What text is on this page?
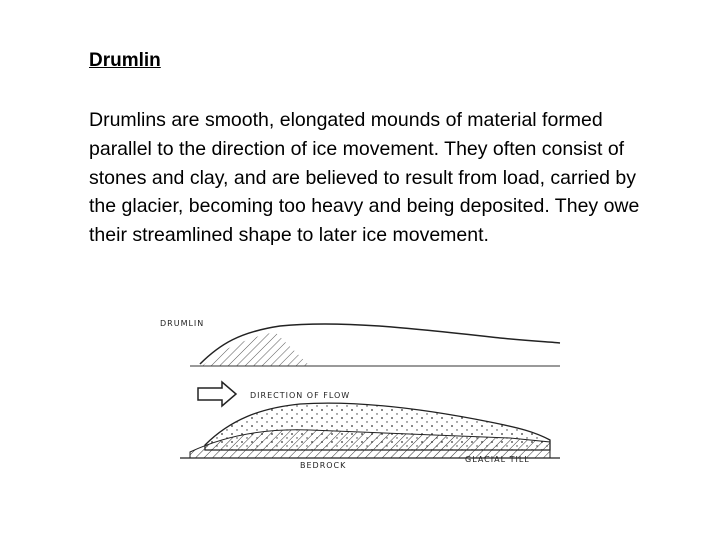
Drumlin
Drumlins are smooth, elongated mounds of material formed parallel to the direction of ice movement. They often consist of stones and clay, and are believed to result from load, carried by the glacier, becoming too heavy and being deposited. They owe their streamlined shape to later ice movement.
DRUMLIN
DIRECTION OF FLOW
BEDROCK
GLACIAL TILL
